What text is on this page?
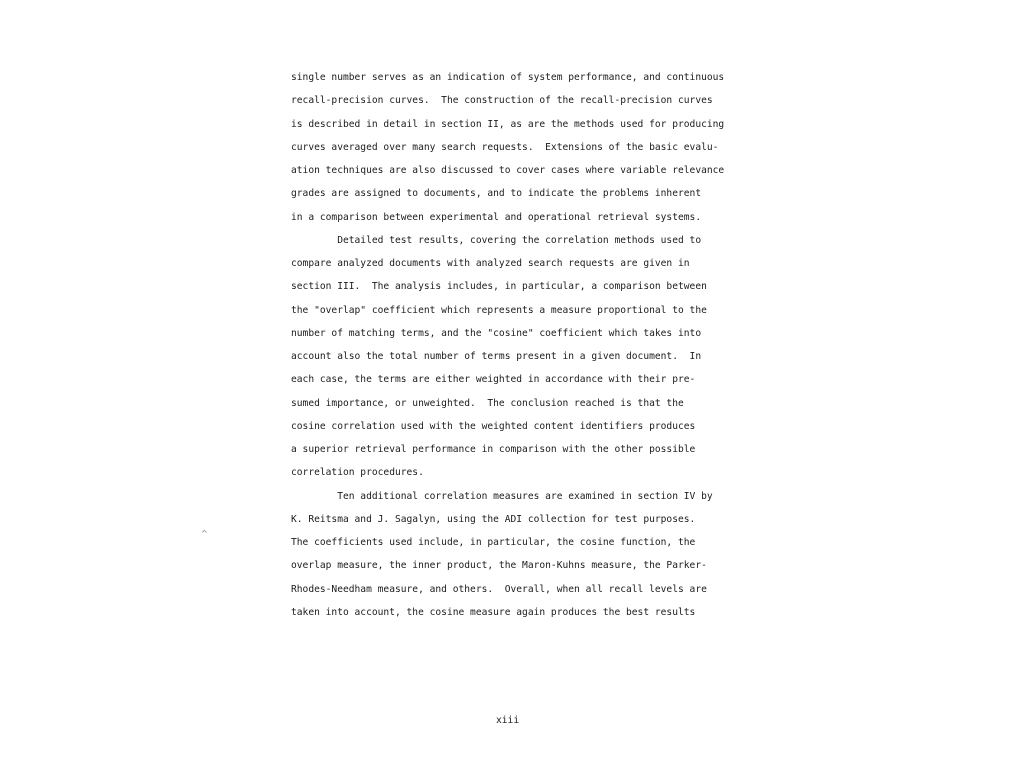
single number serves as an indication of system performance, and continuous
recall-precision curves.  The construction of the recall-precision curves
is described in detail in section II, as are the methods used for producing
curves averaged over many search requests.  Extensions of the basic evalu-
ation techniques are also discussed to cover cases where variable relevance
grades are assigned to documents, and to indicate the problems inherent
in a comparison between experimental and operational retrieval systems.
Detailed test results, covering the correlation methods used to
compare analyzed documents with analyzed search requests are given in
section III.  The analysis includes, in particular, a comparison between
the "overlap" coefficient which represents a measure proportional to the
number of matching terms, and the "cosine" coefficient which takes into
account also the total number of terms present in a given document.  In
each case, the terms are either weighted in accordance with their pre-
sumed importance, or unweighted.  The conclusion reached is that the
cosine correlation used with the weighted content identifiers produces
a superior retrieval performance in comparison with the other possible
correlation procedures.
Ten additional correlation measures are examined in section IV by
K. Reitsma and J. Sagalyn, using the ADI collection for test purposes.
The coefficients used include, in particular, the cosine function, the
overlap measure, the inner product, the Maron-Kuhns measure, the Parker-
Rhodes-Needham measure, and others.  Overall, when all recall levels are
taken into account, the cosine measure again produces the best results
^
xiii
